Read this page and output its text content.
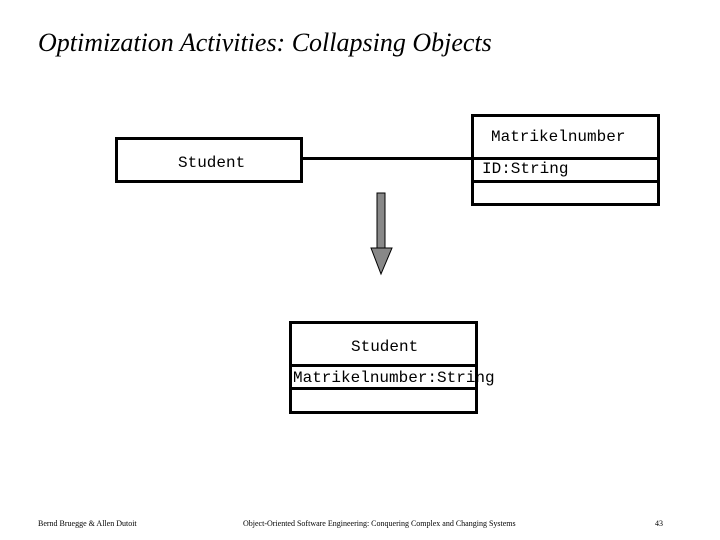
Optimization Activities: Collapsing Objects
Student
Matrikelnumber
ID:String
Student
Matrikelnumber:String
Bernd Bruegge & Allen Dutoit	Object-Oriented Software Engineering: Conquering Complex and Changing Systems	43
